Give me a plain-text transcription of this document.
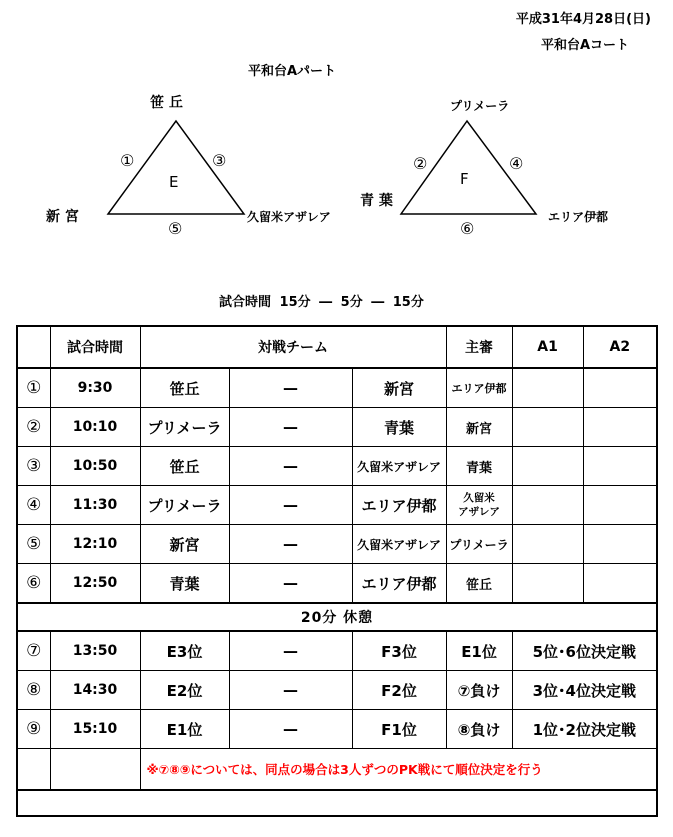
平成31年4月28日(日)
平和台Aコート
平和台Aパート
笹 丘
新 宮	久留米アザレア
①	③
⑤
E
プリメーラ
青 葉
エリア伊都
②	④
⑥
F
試合時間 15分 ― 5分 ― 15分
	試合時間	対戦チーム			主審	A1	A2
①	9:30	笹丘	—	新宮	エリア伊都		
②	10:10	プリメーラ	—	青葉	新宮		
③	10:50	笹丘	—	久留米アザレア	青葉		
④	11:30	プリメーラ	—	エリア伊都	久留米
アザレア		

⑤	12:10	新宮	—	久留米アザレア	プリメーラ		
⑥	12:50	青葉	—	エリア伊都	笹丘		
20分 休憩							
⑦	13:50	E3位	—	F3位	E1位	5位･6位決定戦	
⑧	14:30	E2位	—	F2位	⑦負け	3位･4位決定戦	
⑨	15:10	E1位	—	F1位	⑧負け	1位･2位決定戦	
		※⑦⑧⑨については、同点の場合は3人ずつのPK戦にて順位決定を行う					
